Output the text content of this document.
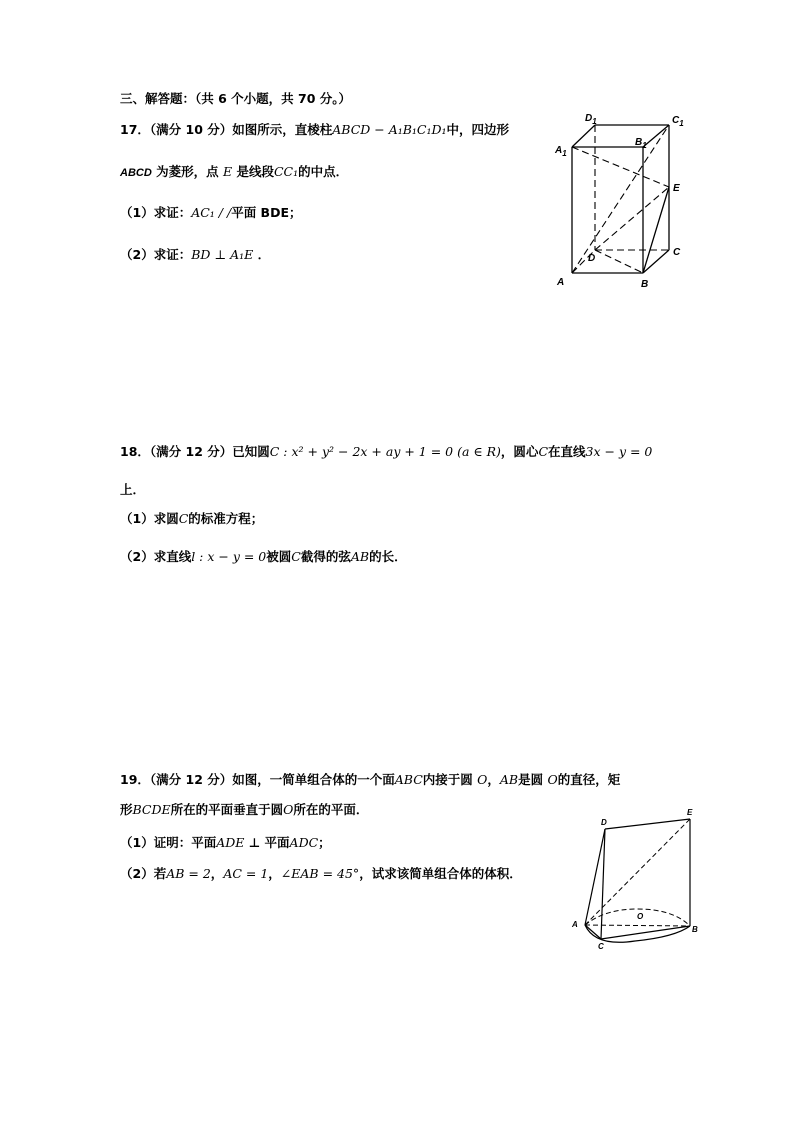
三、解答题：（共 6 个小题，共 70 分。）
17．（满分 10 分）如图所示，直棱柱ABCD − A₁B₁C₁D₁中，四边形
ABCD 为菱形，点 E 是线段CC₁的中点．
（1）求证：AC₁ / /平面 BDE；
（2）求证：BD ⊥ A₁E ．
$D_1$	$C_1$
$A_1$
$B_1$
E
C
D
A	B
18．（满分 12 分）已知圆C : x² + y² − 2x + ay + 1 = 0 (a ∈ R)，圆心C在直线3x − y = 0
上．
（1）求圆C的标准方程；
（2）求直线l : x − y = 0被圆C截得的弦AB的长．
19．（满分 12 分）如图，一简单组合体的一个面ABC内接于圆 O，AB是圆 O的直径，矩
形BCDE所在的平面垂直于圆O所在的平面．
（1）证明：平面ADE ⊥ 平面ADC；
（2）若AB = 2，AC = 1，∠EAB = 45°，试求该简单组合体的体积．
D
E
O
A
B
C
